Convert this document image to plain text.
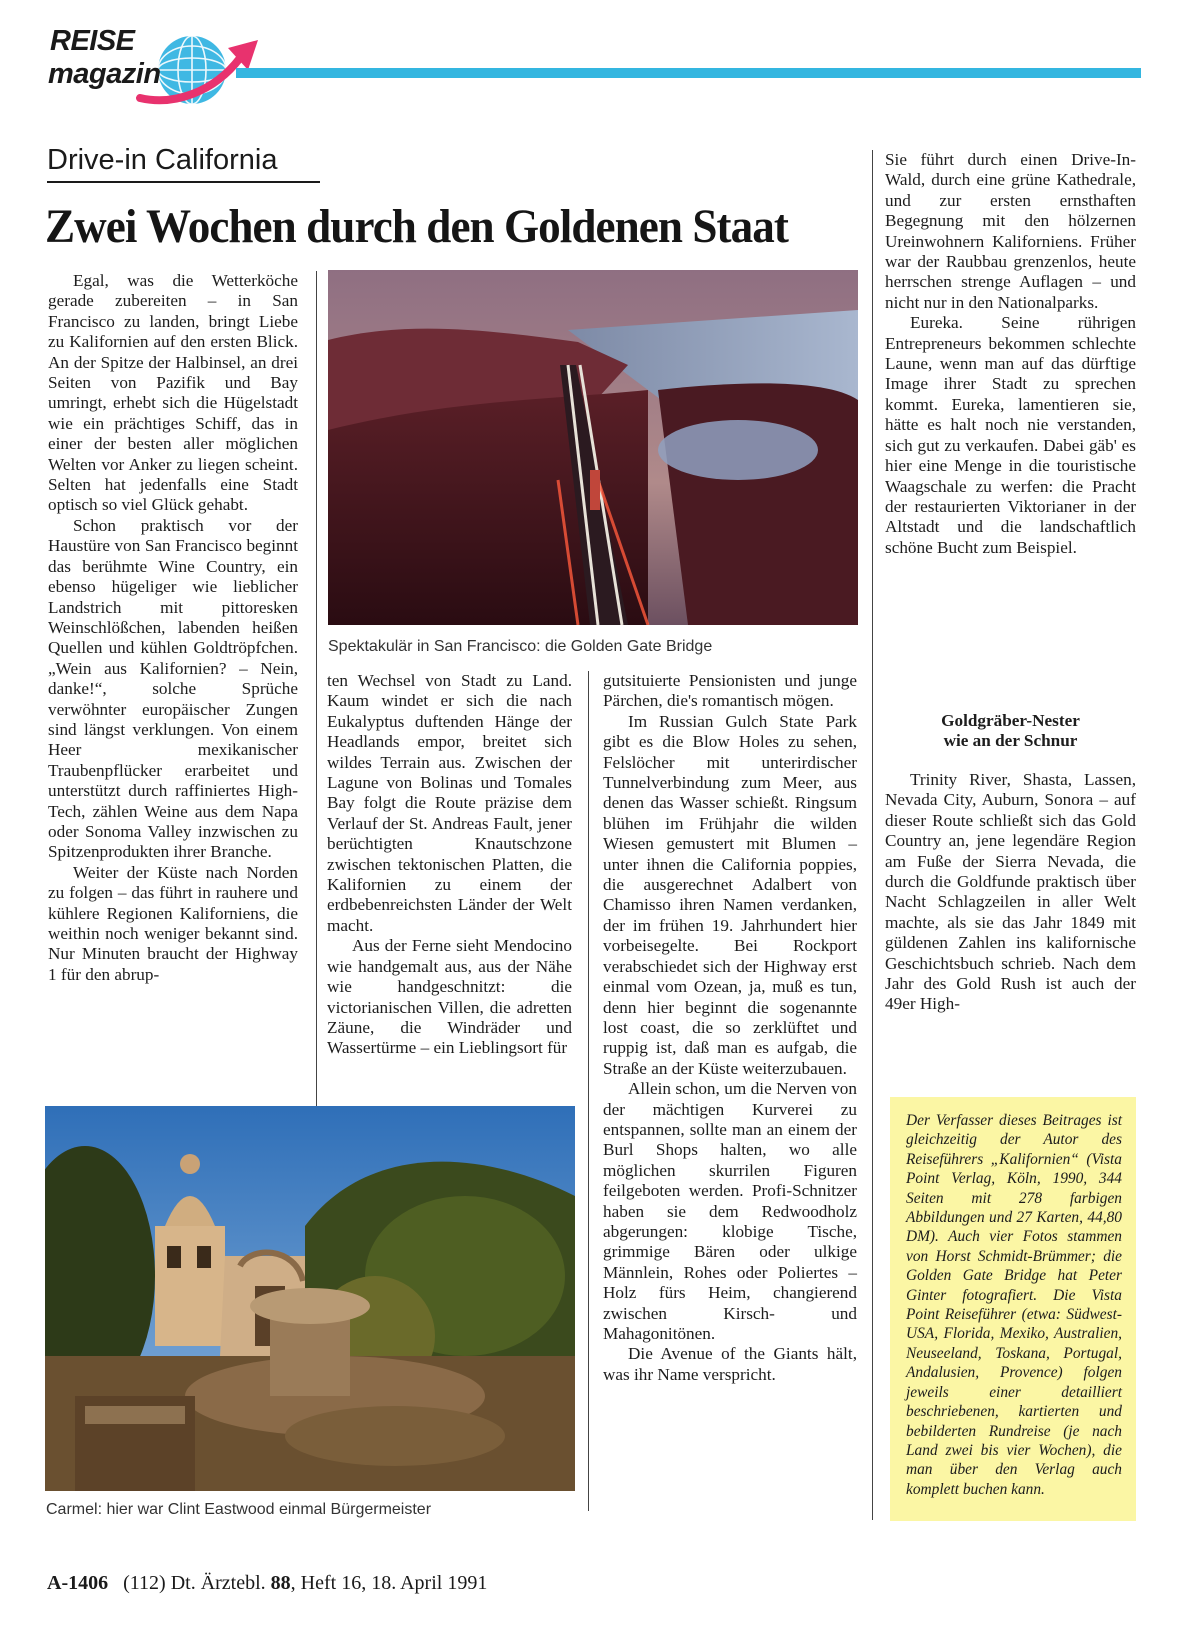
REISE
magazin
Drive-in California
Zwei Wochen durch den Goldenen Staat

Egal, was die Wetterköche gerade zubereiten – in San Francisco zu landen, bringt Liebe zu Kalifornien auf den ersten Blick. An der Spitze der Halbinsel, an drei Seiten von Pazifik und Bay umringt, erhebt sich die Hügelstadt wie ein prächtiges Schiff, das in einer der besten aller möglichen Welten vor Anker zu liegen scheint. Selten hat jedenfalls eine Stadt optisch so viel Glück gehabt.

Schon praktisch vor der Haustüre von San Francisco beginnt das berühmte Wine Country, ein ebenso hügeliger wie lieblicher Landstrich mit pittoresken Weinschlößchen, labenden heißen Quellen und kühlen Goldtröpfchen. „Wein aus Kalifornien? – Nein, danke!“, solche Sprüche verwöhnter europäischer Zungen sind längst verklungen. Von einem Heer mexikanischer Traubenpflücker erarbeitet und unterstützt durch raffiniertes High-Tech, zählen Weine aus dem Napa oder Sonoma Valley inzwischen zu Spitzenprodukten ihrer Branche.

Weiter der Küste nach Norden zu folgen – das führt in rauhere und kühlere Regionen Kaliforniens, die weithin noch weniger bekannt sind. Nur Minuten braucht der Highway 1 für den abrup-

Spektakulär in San Francisco: die Golden Gate Bridge

ten Wechsel von Stadt zu Land. Kaum windet er sich die nach Eukalyptus duftenden Hänge der Headlands empor, breitet sich wildes Terrain aus. Zwischen der Lagune von Bolinas und Tomales Bay folgt die Route präzise dem Verlauf der St. Andreas Fault, jener berüchtigten Knautschzone zwischen tektonischen Platten, die Kalifornien zu einem der erdbebenreichsten Länder der Welt macht.

Aus der Ferne sieht Mendocino wie handgemalt aus, aus der Nähe wie handgeschnitzt: die victorianischen Villen, die adretten Zäune, die Windräder und Wassertürme – ein Lieblingsort für

gutsituierte Pensionisten und junge Pärchen, die's romantisch mögen.

Im Russian Gulch State Park gibt es die Blow Holes zu sehen, Felslöcher mit unterirdischer Tunnelverbindung zum Meer, aus denen das Wasser schießt. Ringsum blühen im Frühjahr die wilden Wiesen gemustert mit Blumen – unter ihnen die California poppies, die ausgerechnet Adalbert von Chamisso ihren Namen verdanken, der im frühen 19. Jahrhundert hier vorbeisegelte. Bei Rockport verabschiedet sich der Highway erst einmal vom Ozean, ja, muß es tun, denn hier beginnt die sogenannte lost coast, die so zerklüftet und ruppig ist, daß man es aufgab, die Straße an der Küste weiterzubauen.

Allein schon, um die Nerven von der mächtigen Kurverei zu entspannen, sollte man an einem der Burl Shops halten, wo alle möglichen skurrilen Figuren feilgeboten werden. Profi-Schnitzer haben sie dem Redwoodholz abgerungen: klobige Tische, grimmige Bären oder ulkige Männlein, Rohes oder Poliertes – Holz fürs Heim, changierend zwischen Kirsch- und Mahagonitönen.

Die Avenue of the Giants hält, was ihr Name verspricht.

Carmel: hier war Clint Eastwood einmal Bürgermeister

Sie führt durch einen Drive-In-Wald, durch eine grüne Kathedrale, und zur ersten ernsthaften Begegnung mit den hölzernen Ureinwohnern Kaliforniens. Früher war der Raubbau grenzenlos, heute herrschen strenge Auflagen – und nicht nur in den Nationalparks.

Eureka. Seine rührigen Entrepreneurs bekommen schlechte Laune, wenn man auf das dürftige Image ihrer Stadt zu sprechen kommt. Eureka, lamentieren sie, hätte es halt noch nie verstanden, sich gut zu verkaufen. Dabei gäb' es hier eine Menge in die touristische Waagschale zu werfen: die Pracht der restaurierten Viktorianer in der Altstadt und die landschaftlich schöne Bucht zum Beispiel.

Goldgräber-Nester
wie an der Schnur

Trinity River, Shasta, Lassen, Nevada City, Auburn, Sonora – auf dieser Route schließt sich das Gold Country an, jene legendäre Region am Fuße der Sierra Nevada, die durch die Goldfunde praktisch über Nacht Schlagzeilen in aller Welt machte, als sie das Jahr 1849 mit güldenen Zahlen ins kalifornische Geschichtsbuch schrieb. Nach dem Jahr des Gold Rush ist auch der 49er High-

Der Verfasser dieses Beitrages ist gleichzeitig der Autor des Reiseführers „Kalifornien“ (Vista Point Verlag, Köln, 1990, 344 Seiten mit 278 farbigen Abbildungen und 27 Karten, 44,80 DM). Auch vier Fotos stammen von Horst Schmidt-Brümmer; die Golden Gate Bridge hat Peter Ginter fotografiert. Die Vista Point Reiseführer (etwa: Südwest-USA, Florida, Mexiko, Australien, Neuseeland, Toskana, Portugal, Andalusien, Provence) folgen jeweils einer detailliert beschriebenen, kartierten und bebilderten Rundreise (je nach Land zwei bis vier Wochen), die man über den Verlag auch komplett buchen kann.
A-1406   (112) Dt. Ärztebl. 88, Heft 16, 18. April 1991
